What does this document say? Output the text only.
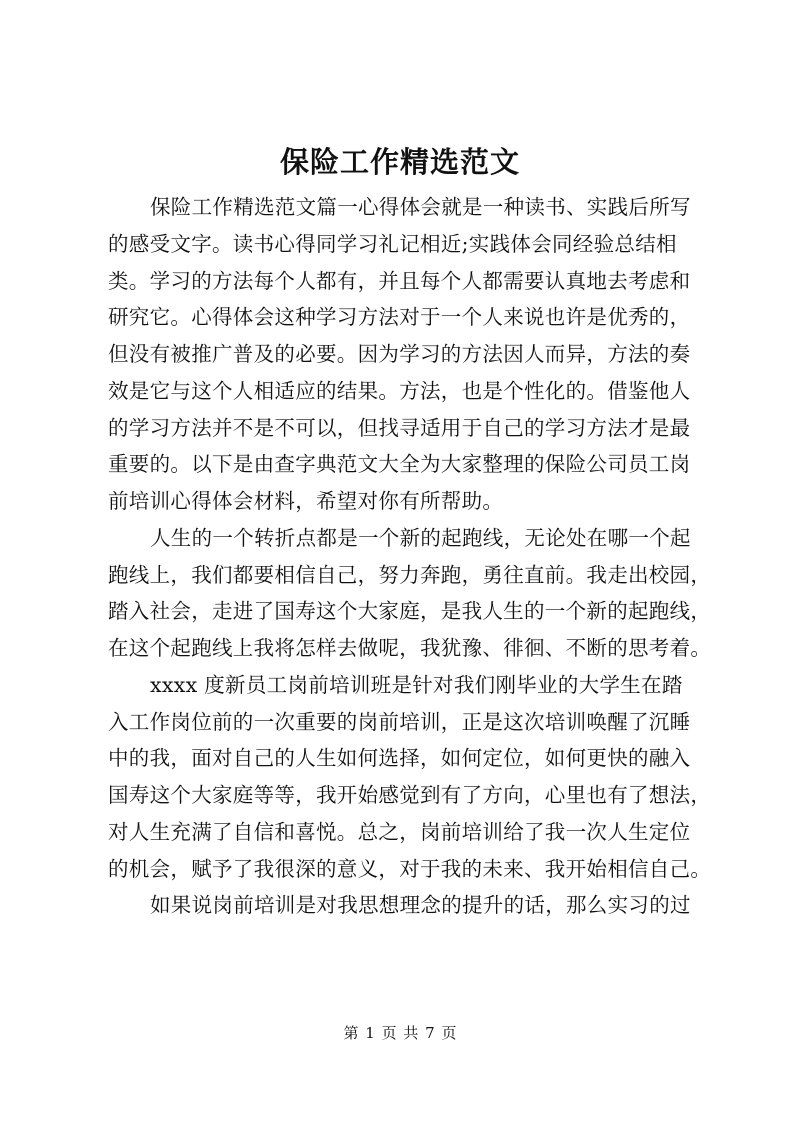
保险工作精选范文
保险工作精选范文篇一心得体会就是一种读书、实践后所写
的感受文字。读书心得同学习礼记相近;实践体会同经验总结相
类。学习的方法每个人都有，并且每个人都需要认真地去考虑和
研究它。心得体会这种学习方法对于一个人来说也许是优秀的，
但没有被推广普及的必要。因为学习的方法因人而异，方法的奏
效是它与这个人相适应的结果。方法，也是个性化的。借鉴他人
的学习方法并不是不可以，但找寻适用于自己的学习方法才是最
重要的。以下是由查字典范文大全为大家整理的保险公司员工岗
前培训心得体会材料，希望对你有所帮助。
人生的一个转折点都是一个新的起跑线，无论处在哪一个起
跑线上，我们都要相信自己，努力奔跑，勇往直前。我走出校园，
踏入社会，走进了国寿这个大家庭，是我人生的一个新的起跑线，
在这个起跑线上我将怎样去做呢，我犹豫、徘徊、不断的思考着。
xxxx 度新员工岗前培训班是针对我们刚毕业的大学生在踏
入工作岗位前的一次重要的岗前培训，正是这次培训唤醒了沉睡
中的我，面对自己的人生如何选择，如何定位，如何更快的融入
国寿这个大家庭等等，我开始感觉到有了方向，心里也有了想法，
对人生充满了自信和喜悦。总之，岗前培训给了我一次人生定位
的机会，赋予了我很深的意义，对于我的未来、我开始相信自己。
如果说岗前培训是对我思想理念的提升的话，那么实习的过
第 1 页 共 7 页
